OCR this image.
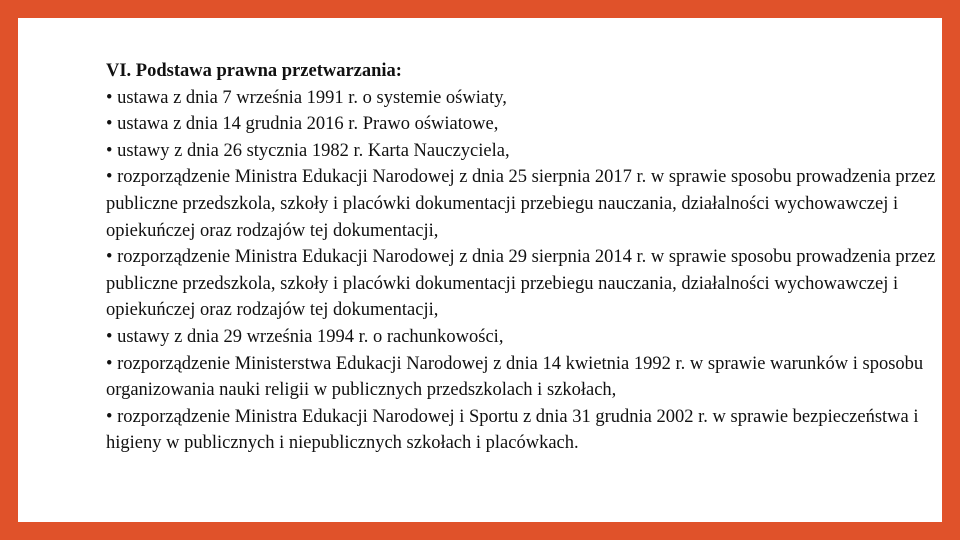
VI. Podstawa prawna przetwarzania:

• ustawa z dnia 7 września 1991 r. o systemie oświaty,

• ustawa z dnia 14 grudnia 2016 r. Prawo oświatowe,

• ustawy z dnia 26 stycznia 1982 r. Karta Nauczyciela,

• rozporządzenie Ministra Edukacji Narodowej z dnia 25 sierpnia 2017 r. w sprawie sposobu prowadzenia przez publiczne przedszkola, szkoły i placówki dokumentacji przebiegu nauczania, działalności wychowawczej i opiekuńczej oraz rodzajów tej dokumentacji,

• rozporządzenie Ministra Edukacji Narodowej z dnia 29 sierpnia 2014 r. w sprawie sposobu prowadzenia przez publiczne przedszkola, szkoły i placówki dokumentacji przebiegu nauczania, działalności wychowawczej i opiekuńczej oraz rodzajów tej dokumentacji,

• ustawy z dnia 29 września 1994 r. o rachunkowości,

• rozporządzenie Ministerstwa Edukacji Narodowej z dnia 14 kwietnia 1992 r. w sprawie warunków i sposobu organizowania nauki religii w publicznych przedszkolach i szkołach,

• rozporządzenie Ministra Edukacji Narodowej i Sportu z dnia 31 grudnia 2002 r. w sprawie bezpieczeństwa i higieny w publicznych i niepublicznych szkołach i placówkach.
